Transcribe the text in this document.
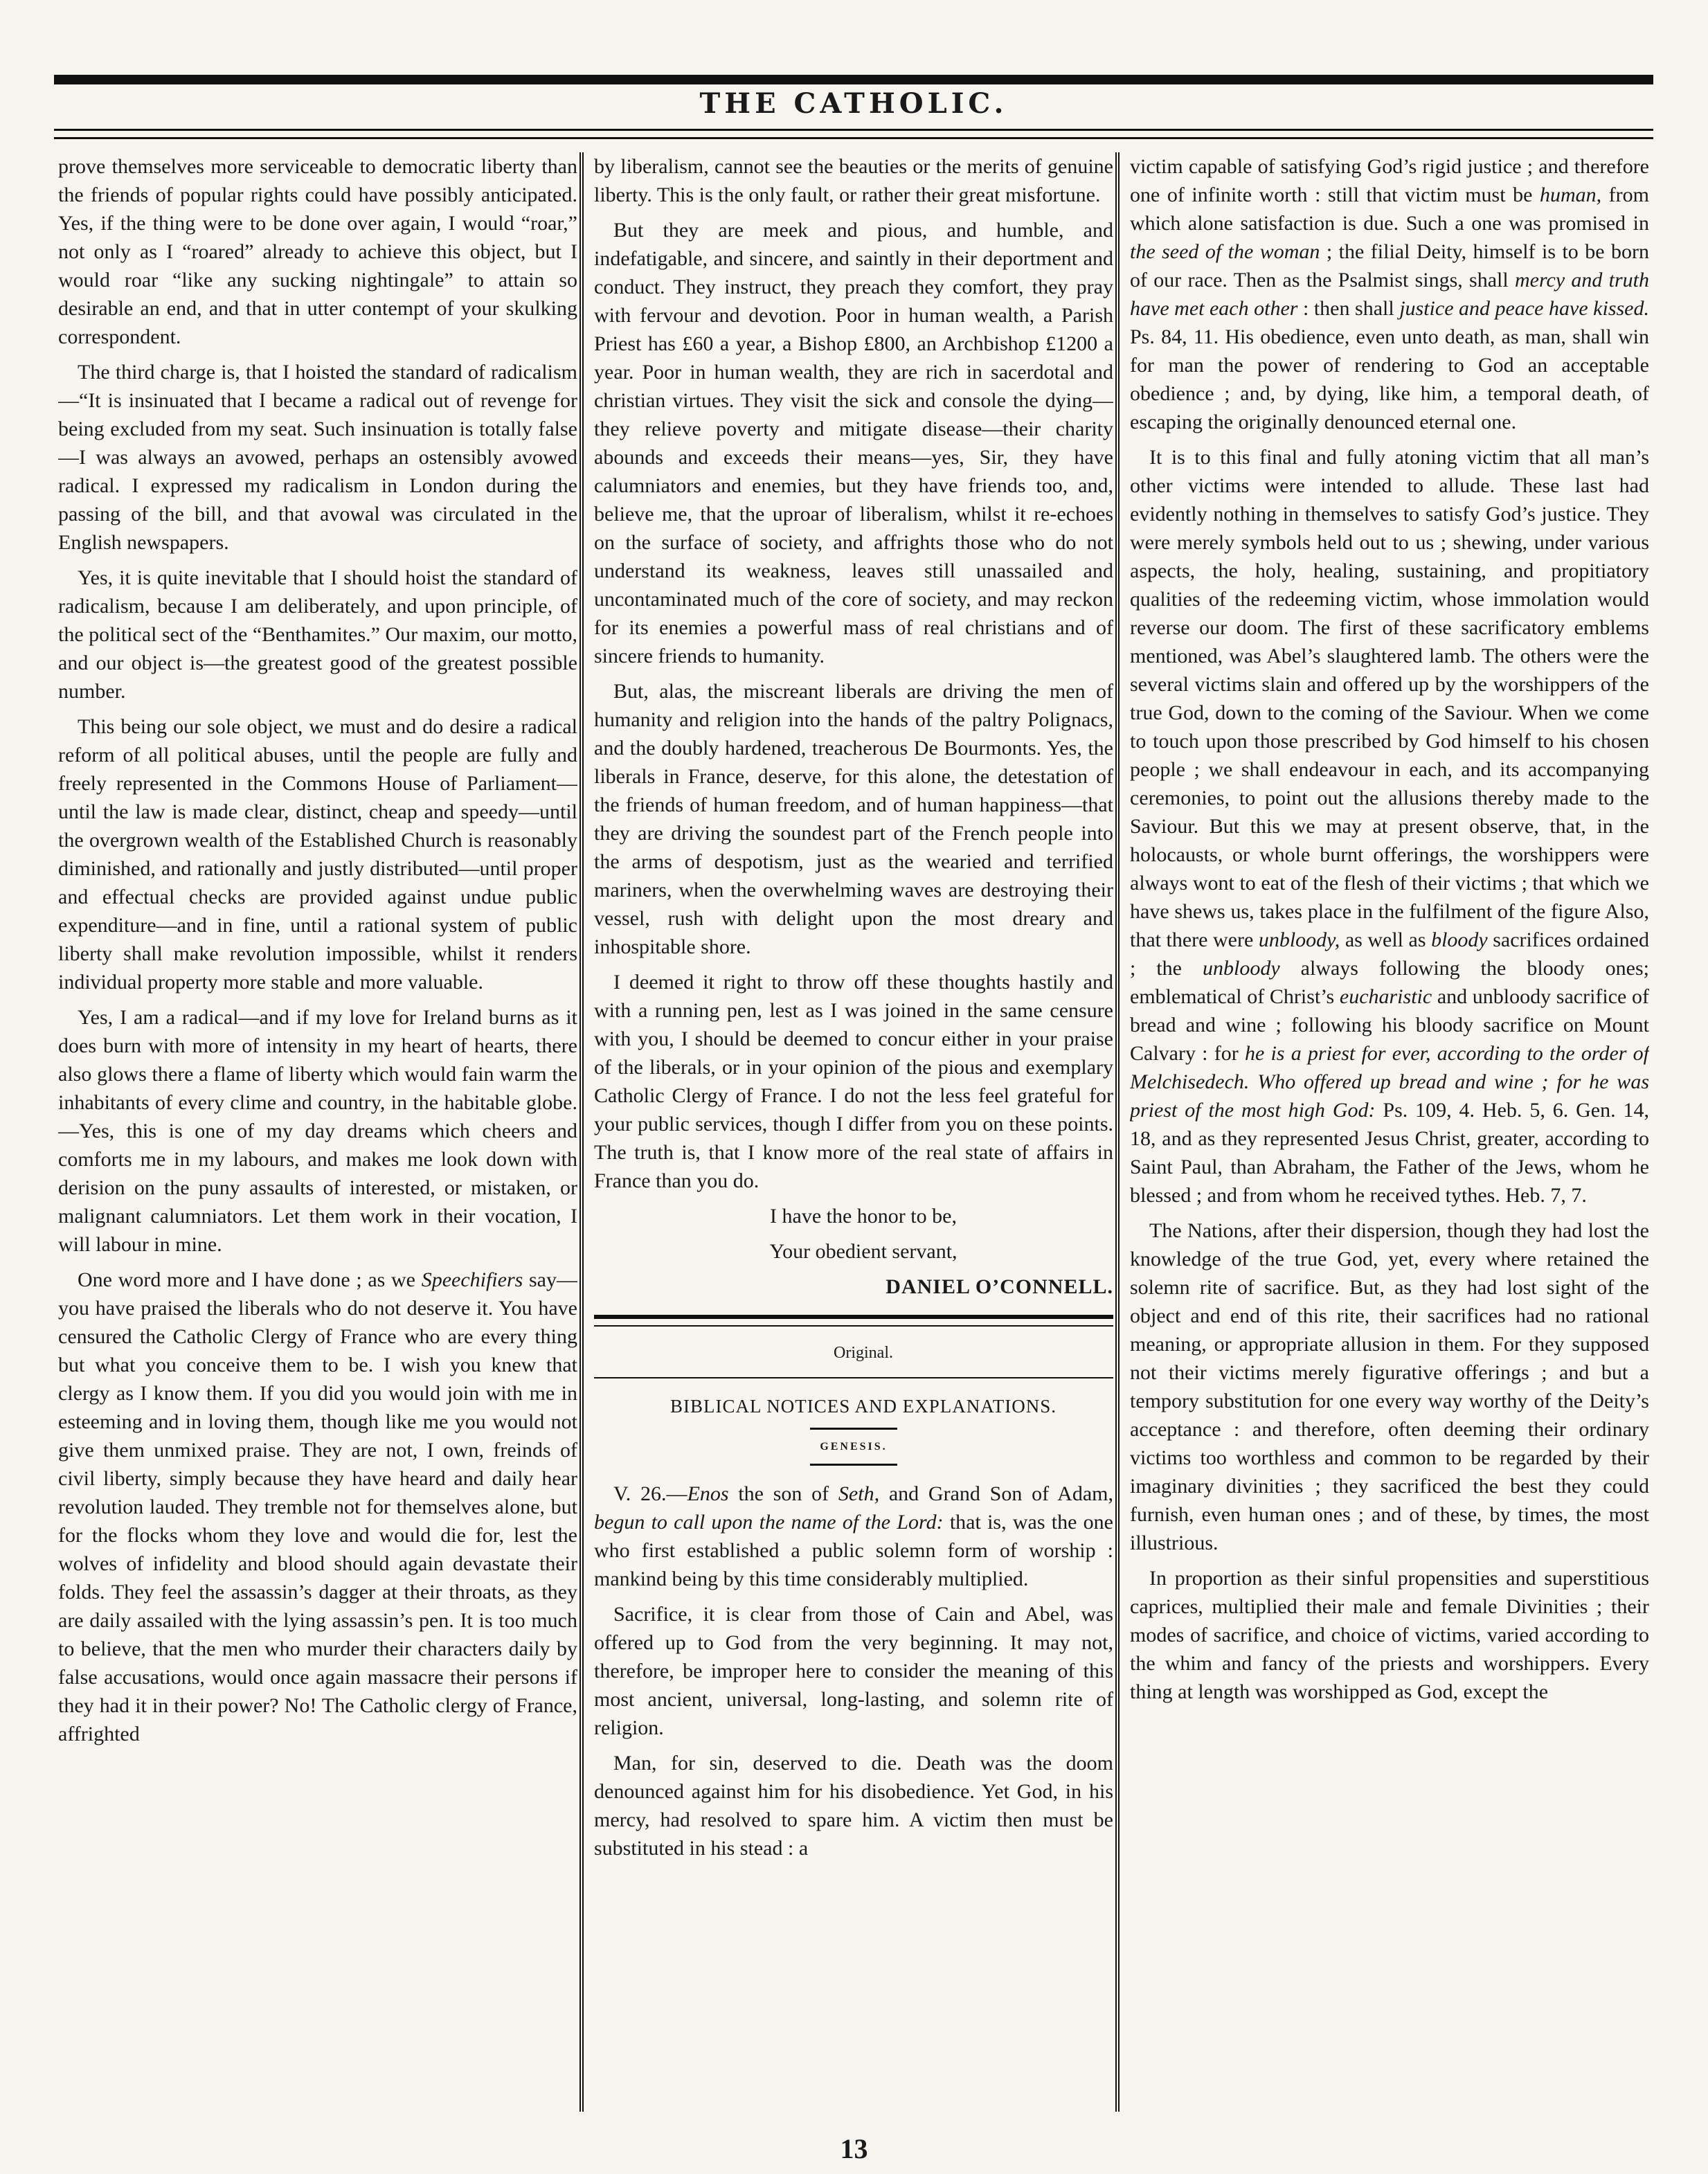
THE CATHOLIC.

prove themselves more serviceable to democratic liberty than the friends of popular rights could have possibly anticipated. Yes, if the thing were to be done over again, I would “roar,” not only as I “roared” already to achieve this object, but I would roar “like any sucking nightingale” to attain so desirable an end, and that in utter contempt of your skulking correspondent.

The third charge is, that I hoisted the standard of radicalism—“It is insinuated that I became a radical out of revenge for being excluded from my seat. Such insinuation is totally false—I was always an avowed, perhaps an ostensibly avowed radical. I expressed my radicalism in London during the passing of the bill, and that avowal was circulated in the English newspapers.

Yes, it is quite inevitable that I should hoist the standard of radicalism, because I am deliberately, and upon principle, of the political sect of the “Benthamites.” Our maxim, our motto, and our object is—the greatest good of the greatest possible number.

This being our sole object, we must and do desire a radical reform of all political abuses, until the people are fully and freely represented in the Commons House of Parliament—until the law is made clear, distinct, cheap and speedy—until the overgrown wealth of the Established Church is reasonably diminished, and rationally and justly distributed—until proper and effectual checks are provided against undue public expenditure—and in fine, until a rational system of public liberty shall make revolution impossible, whilst it renders individual property more stable and more valuable.

Yes, I am a radical—and if my love for Ireland burns as it does burn with more of intensity in my heart of hearts, there also glows there a flame of liberty which would fain warm the inhabitants of every clime and country, in the habitable globe.—Yes, this is one of my day dreams which cheers and comforts me in my labours, and makes me look down with derision on the puny assaults of interested, or mistaken, or malignant calumniators. Let them work in their vocation, I will labour in mine.

One word more and I have done ; as we Speechifiers say—you have praised the liberals who do not deserve it. You have censured the Catholic Clergy of France who are every thing but what you conceive them to be. I wish you knew that clergy as I know them. If you did you would join with me in esteeming and in loving them, though like me you would not give them unmixed praise. They are not, I own, freinds of civil liberty, simply because they have heard and daily hear revolution lauded. They tremble not for themselves alone, but for the flocks whom they love and would die for, lest the wolves of infidelity and blood should again devastate their folds. They feel the assassin’s dagger at their throats, as they are daily assailed with the lying assassin’s pen. It is too much to believe, that the men who murder their characters daily by false accusations, would once again massacre their persons if they had it in their power? No! The Catholic clergy of France, affrighted

by liberalism, cannot see the beauties or the merits of genuine liberty. This is the only fault, or rather their great misfortune.

But they are meek and pious, and humble, and indefatigable, and sincere, and saintly in their deportment and conduct. They instruct, they preach they comfort, they pray with fervour and devotion. Poor in human wealth, a Parish Priest has £60 a year, a Bishop £800, an Archbishop £1200 a year. Poor in human wealth, they are rich in sacerdotal and christian virtues. They visit the sick and console the dying—they relieve poverty and mitigate disease—their charity abounds and exceeds their means—yes, Sir, they have calumniators and enemies, but they have friends too, and, believe me, that the uproar of liberalism, whilst it re-echoes on the surface of society, and affrights those who do not understand its weakness, leaves still unassailed and uncontaminated much of the core of society, and may reckon for its enemies a powerful mass of real christians and of sincere friends to humanity.

But, alas, the miscreant liberals are driving the men of humanity and religion into the hands of the paltry Polignacs, and the doubly hardened, treacherous De Bourmonts. Yes, the liberals in France, deserve, for this alone, the detestation of the friends of human freedom, and of human happiness—that they are driving the soundest part of the French people into the arms of despotism, just as the wearied and terrified mariners, when the overwhelming waves are destroying their vessel, rush with delight upon the most dreary and inhospitable shore.

I deemed it right to throw off these thoughts hastily and with a running pen, lest as I was joined in the same censure with you, I should be deemed to concur either in your praise of the liberals, or in your opinion of the pious and exemplary Catholic Clergy of France. I do not the less feel grateful for your public services, though I differ from you on these points. The truth is, that I know more of the real state of affairs in France than you do.

I have the honor to be,

Your obedient servant,

DANIEL O’CONNELL.

Original.

BIBLICAL NOTICES AND EXPLANATIONS.

GENESIS.

V. 26.—Enos the son of Seth, and Grand Son of Adam, begun to call upon the name of the Lord: that is, was the one who first established a public solemn form of worship : mankind being by this time considerably multiplied.

Sacrifice, it is clear from those of Cain and Abel, was offered up to God from the very beginning. It may not, therefore, be improper here to consider the meaning of this most ancient, universal, long-lasting, and solemn rite of religion.

Man, for sin, deserved to die. Death was the doom denounced against him for his disobedience. Yet God, in his mercy, had resolved to spare him. A victim then must be substituted in his stead : a

victim capable of satisfying God’s rigid justice ; and therefore one of infinite worth : still that victim must be human, from which alone satisfaction is due. Such a one was promised in the seed of the woman ; the filial Deity, himself is to be born of our race. Then as the Psalmist sings, shall mercy and truth have met each other : then shall justice and peace have kissed. Ps. 84, 11. His obedience, even unto death, as man, shall win for man the power of rendering to God an acceptable obedience ; and, by dying, like him, a temporal death, of escaping the originally denounced eternal one.

It is to this final and fully atoning victim that all man’s other victims were intended to allude. These last had evidently nothing in themselves to satisfy God’s justice. They were merely symbols held out to us ; shewing, under various aspects, the holy, healing, sustaining, and propitiatory qualities of the redeeming victim, whose immolation would reverse our doom. The first of these sacrificatory emblems mentioned, was Abel’s slaughtered lamb. The others were the several victims slain and offered up by the worshippers of the true God, down to the coming of the Saviour. When we come to touch upon those prescribed by God himself to his chosen people ; we shall endeavour in each, and its accompanying ceremonies, to point out the allusions thereby made to the Saviour. But this we may at present observe, that, in the holocausts, or whole burnt offerings, the worshippers were always wont to eat of the flesh of their victims ; that which we have shews us, takes place in the fulfilment of the figure Also, that there were unbloody, as well as bloody sacrifices ordained ; the unbloody always following the bloody ones; emblematical of Christ’s eucharistic and unbloody sacrifice of bread and wine ; following his bloody sacrifice on Mount Calvary : for he is a priest for ever, according to the order of Melchisedech. Who offered up bread and wine ; for he was priest of the most high God: Ps. 109, 4. Heb. 5, 6. Gen. 14, 18, and as they represented Jesus Christ, greater, according to Saint Paul, than Abraham, the Father of the Jews, whom he blessed ; and from whom he received tythes. Heb. 7, 7.

The Nations, after their dispersion, though they had lost the knowledge of the true God, yet, every where retained the solemn rite of sacrifice. But, as they had lost sight of the object and end of this rite, their sacrifices had no rational meaning, or appropriate allusion in them. For they supposed not their victims merely figurative offerings ; and but a tempory substitution for one every way worthy of the Deity’s acceptance : and therefore, often deeming their ordinary victims too worthless and common to be regarded by their imaginary divinities ; they sacrificed the best they could furnish, even human ones ; and of these, by times, the most illustrious.

In proportion as their sinful propensities and superstitious caprices, multiplied their male and female Divinities ; their modes of sacrifice, and choice of victims, varied according to the whim and fancy of the priests and worshippers. Every thing at length was worshipped as God, except the

13
